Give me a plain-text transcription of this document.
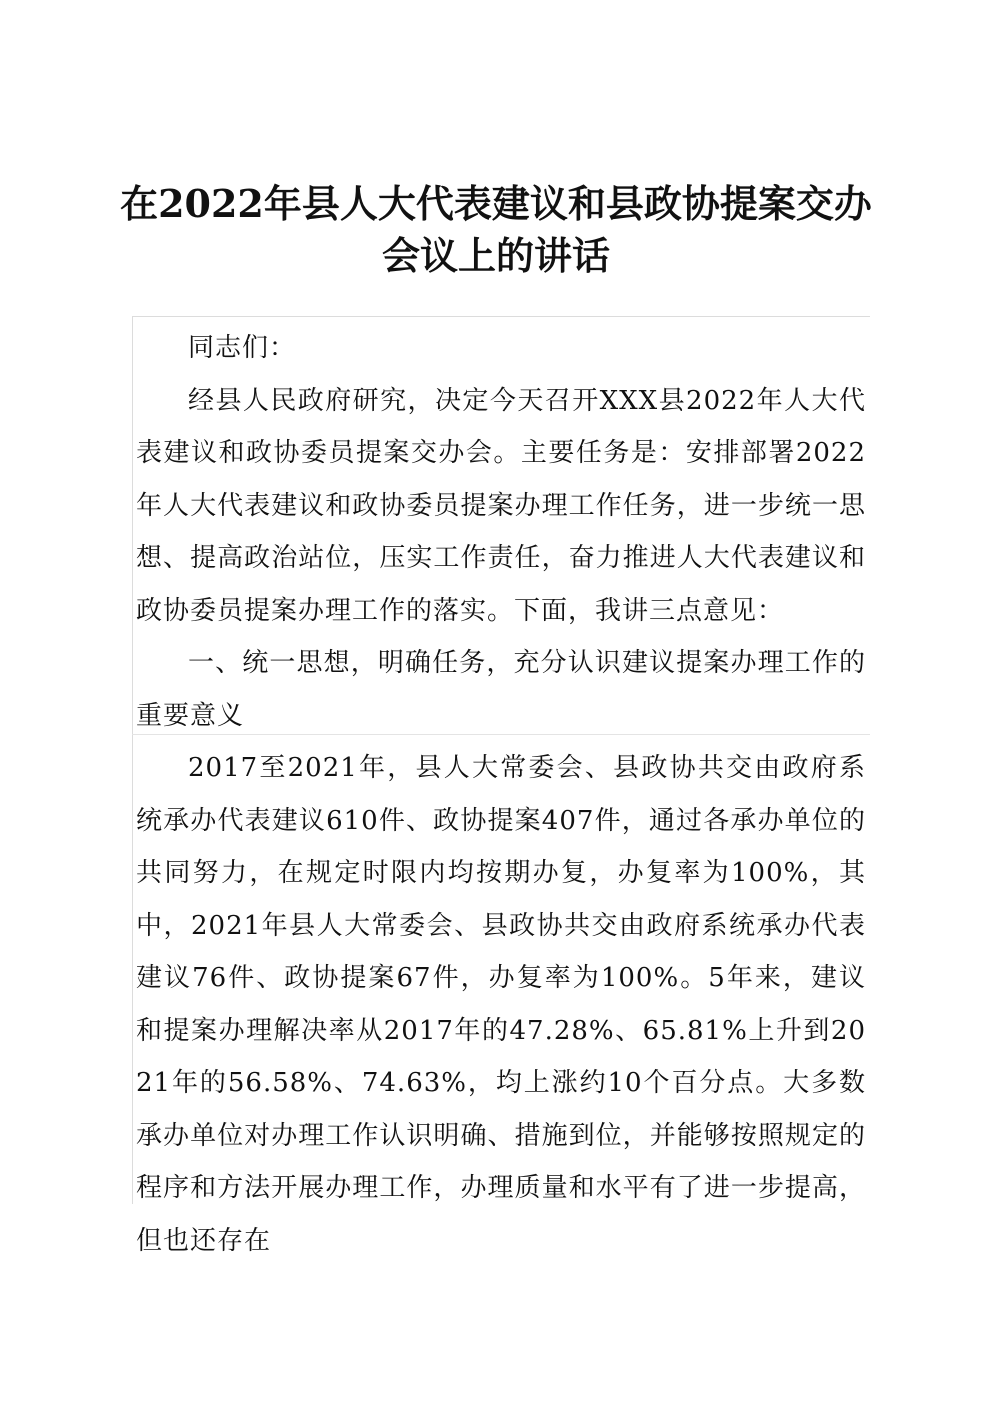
在2022年县人大代表建议和县政协提案交办
会议上的讲话

同志们：

经县人民政府研究，决定今天召开XXX县2022年人大代表建议和政协委员提案交办会。主要任务是：安排部署2022年人大代表建议和政协委员提案办理工作任务，进一步统一思想、提高政治站位，压实工作责任，奋力推进人大代表建议和政协委员提案办理工作的落实。下面，我讲三点意见：

一、统一思想，明确任务，充分认识建议提案办理工作的重要意义

2017至2021年，县人大常委会、县政协共交由政府系统承办代表建议610件、政协提案407件，通过各承办单位的共同努力，在规定时限内均按期办复，办复率为100%，其中，2021年县人大常委会、县政协共交由政府系统承办代表建议76件、政协提案67件，办复率为100%。5年来，建议和提案办理解决率从2017年的47.28%、65.81%上升到2021年的56.58%、74.63%，均上涨约10个百分点。大多数承办单位对办理工作认识明确、措施到位，并能够按照规定的程序和方法开展办理工作，办理质量和水平有了进一步提高，但也还存在
